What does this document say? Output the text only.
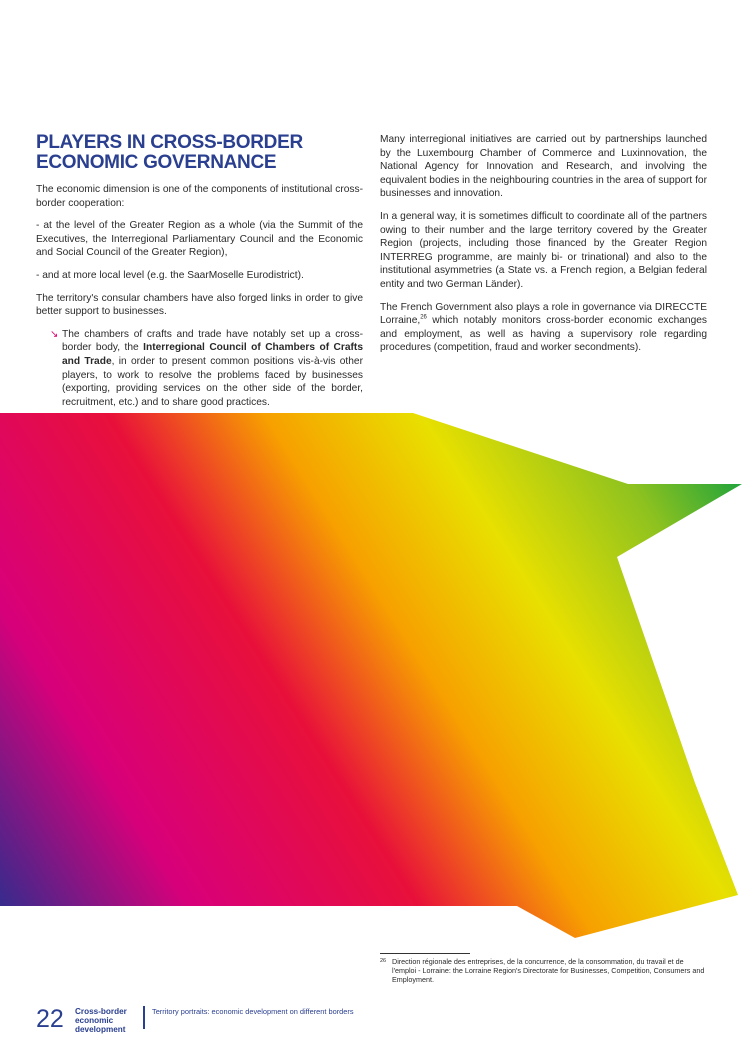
PLAYERS IN CROSS-BORDER ECONOMIC GOVERNANCE

The economic dimension is one of the components of institutional cross-border cooperation:

- at the level of the Greater Region as a whole (via the Summit of the Executives, the Interregional Parliamentary Council and the Economic and Social Council of the Greater Region),

- and at more local level (e.g. the SaarMoselle Eurodistrict).

The territory's consular chambers have also forged links in order to give better support to businesses.

↘ The chambers of crafts and trade have notably set up a cross-border body, the Interregional Council of Chambers of Crafts and Trade, in order to present common positions vis-à-vis other players, to work to resolve the problems faced by businesses (exporting, providing services on the other side of the border, recruitment, etc.) and to share good practices.

Many interregional initiatives are carried out by partnerships launched by the Luxembourg Chamber of Commerce and Luxinnovation, the National Agency for Innovation and Research, and involving the equivalent bodies in the neighbouring countries in the area of support for businesses and innovation.

In a general way, it is sometimes difficult to coordinate all of the partners owing to their number and the large territory covered by the Greater Region (projects, including those financed by the Greater Region INTERREG programme, are mainly bi- or trinational) and also to the institutional asymmetries (a State vs. a French region, a Belgian federal entity and two German Länder).

The French Government also plays a role in governance via DIRECCTE Lorraine,$^{26}$ which notably monitors cross-border economic exchanges and employment, as well as having a supervisory role regarding procedures (competition, fraud and worker secondments).

26 Direction régionale des entreprises, de la concurrence, de la consommation, du travail et de l'emploi - Lorraine: the Lorraine Region's Directorate for Businesses, Competition, Consumers and Employment.
22 Cross-border
economic
development
Territory portraits: economic development on different borders
